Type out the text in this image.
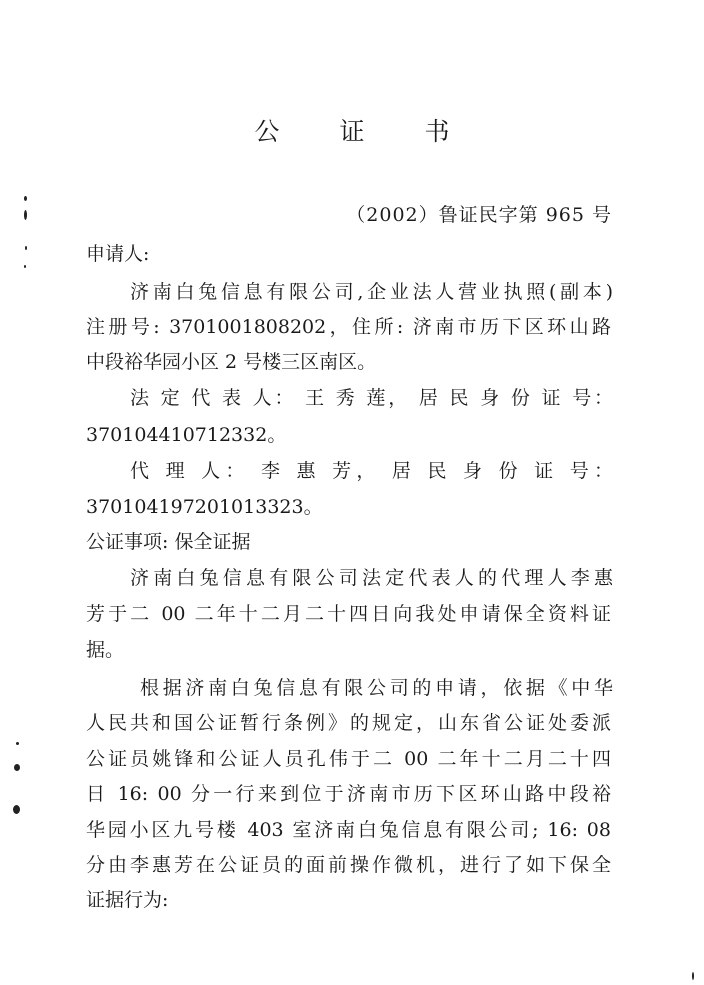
公 证 书
（2002）鲁证民字第 965 号
申请人:
济南白兔信息有限公司,企业法人营业执照(副本)
注册号: 3701001808202，住所: 济南市历下区环山路
中段裕华园小区 2 号楼三区南区。
法 定 代 表 人： 王 秀 莲， 居 民 身 份 证 号：
370104410712332。
代 理 人： 李 惠 芳， 居 民 身 份 证 号：
370104197201013323。
公证事项: 保全证据
济南白兔信息有限公司法定代表人的代理人李惠
芳于二 00 二年十二月二十四日向我处申请保全资料证
据。
根据济南白兔信息有限公司的申请，依据《中华
人民共和国公证暂行条例》的规定，山东省公证处委派
公证员姚锋和公证人员孔伟于二 00 二年十二月二十四
日 16: 00 分一行来到位于济南市历下区环山路中段裕
华园小区九号楼 403 室济南白兔信息有限公司; 16: 08
分由李惠芳在公证员的面前操作微机，进行了如下保全
证据行为:
